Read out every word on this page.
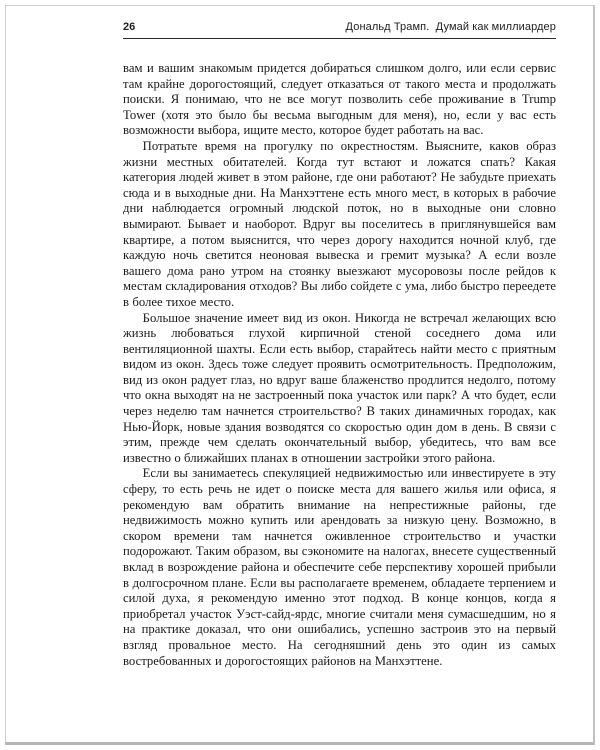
26	Дональд Трамп.  Думай как миллиардер

вам и вашим знакомым придется добираться слишком долго, или если сервис там крайне дорогостоящий, следует отказаться от такого места и продолжать поиски. Я понимаю, что не все могут позволить себе проживание в Trump Tower (хотя это было бы весьма выгодным для меня), но, если у вас есть возможности выбора, ищите место, которое будет работать на вас.

Потратьте время на прогулку по окрестностям. Выясните, каков образ жизни местных обитателей. Когда тут встают и ложатся спать? Какая категория людей живет в этом районе, где они работают? Не забудьте приехать сюда и в выходные дни. На Манхэттене есть много мест, в которых в рабочие дни наблюдается огромный людской поток, но в выходные они словно вымирают. Бывает и наоборот. Вдруг вы поселитесь в приглянувшейся вам квартире, а потом выяснится, что через дорогу находится ночной клуб, где каждую ночь светится неоновая вывеска и гремит музыка? А если возле вашего дома рано утром на стоянку выезжают мусоровозы после рейдов к местам складирования отходов? Вы либо сойдете с ума, либо быстро переедете в более тихое место.

Большое значение имеет вид из окон. Никогда не встречал желающих всю жизнь любоваться глухой кирпичной стеной соседнего дома или вентиляционной шахты. Если есть выбор, старайтесь найти место с приятным видом из окон. Здесь тоже следует проявить осмотрительность. Предположим, вид из окон радует глаз, но вдруг ваше блаженство продлится недолго, потому что окна выходят на не застроенный пока участок или парк? А что будет, если через неделю там начнется строительство? В таких динамичных городах, как Нью-Йорк, новые здания возводятся со скоростью один дом в день. В связи с этим, прежде чем сделать окончательный выбор, убедитесь, что вам все известно о ближайших планах в отношении застройки этого района.

Если вы занимаетесь спекуляцией недвижимостью или инвестируете в эту сферу, то есть речь не идет о поиске места для вашего жилья или офиса, я рекомендую вам обратить внимание на непрестижные районы, где недвижимость можно купить или арендовать за низкую цену. Возможно, в скором времени там начнется оживленное строительство и участки подорожают. Таким образом, вы сэкономите на налогах, внесете существенный вклад в возрождение района и обеспечите себе перспективу хорошей прибыли в долгосрочном плане. Если вы располагаете временем, обладаете терпением и силой духа, я рекомендую именно этот подход. В конце концов, когда я приобретал участок Уэст-сайд-ярдс, многие считали меня сумасшедшим, но я на практике доказал, что они ошибались, успешно застроив это на первый взгляд провальное место. На сегодняшний день это один из самых востребованных и дорогостоящих районов на Манхэттене.
